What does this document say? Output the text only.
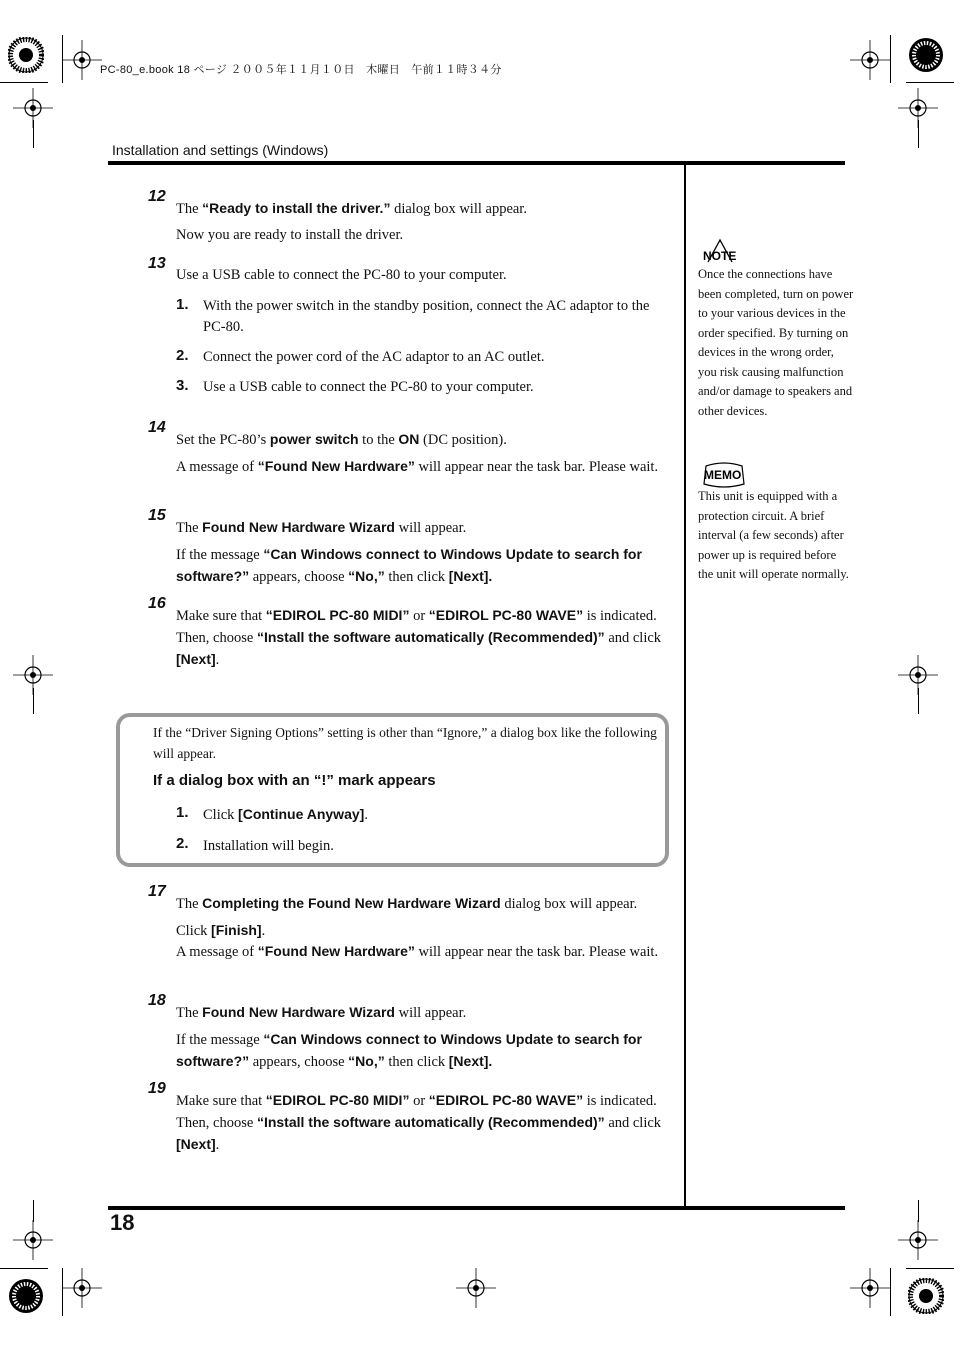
PC-80_e.book 18 ページ ２００５年１１月１０日　木曜日　午前１１時３４分
Installation and settings (Windows)
18
12
The “Ready to install the driver.” dialog box will appear.
Now you are ready to install the driver.
13
Use a USB cable to connect the PC-80 to your computer.
1. With the power switch in the standby position, connect the AC adaptor to the PC-80.
2. Connect the power cord of the AC adaptor to an AC outlet.
3. Use a USB cable to connect the PC-80 to your computer.
14
Set the PC-80’s power switch to the ON (DC position).
A message of “Found New Hardware” will appear near the task bar. Please wait.
15
The Found New Hardware Wizard will appear.
If the message “Can Windows connect to Windows Update to search for software?” appears, choose “No,” then click [Next].
16
Make sure that “EDIROL PC-80 MIDI” or “EDIROL PC-80 WAVE” is indicated. Then, choose “Install the software automatically (Recommended)” and click [Next].
If the “Driver Signing Options” setting is other than “Ignore,” a dialog box like the following will appear.
If a dialog box with an “!” mark appears
1. Click [Continue Anyway].
2. Installation will begin.
17
The Completing the Found New Hardware Wizard dialog box will appear.
Click [Finish].
A message of “Found New Hardware” will appear near the task bar. Please wait.
18
The Found New Hardware Wizard will appear.
If the message “Can Windows connect to Windows Update to search for software?” appears, choose “No,” then click [Next].
19
Make sure that “EDIROL PC-80 MIDI” or “EDIROL PC-80 WAVE” is indicated. Then, choose “Install the software automatically (Recommended)” and click [Next].
NOTE
Once the connections have been completed, turn on power to your various devices in the order specified. By turning on devices in the wrong order, you risk causing malfunction and/or damage to speakers and other devices.
MEMO
This unit is equipped with a protection circuit. A brief interval (a few seconds) after power up is required before the unit will operate normally.
